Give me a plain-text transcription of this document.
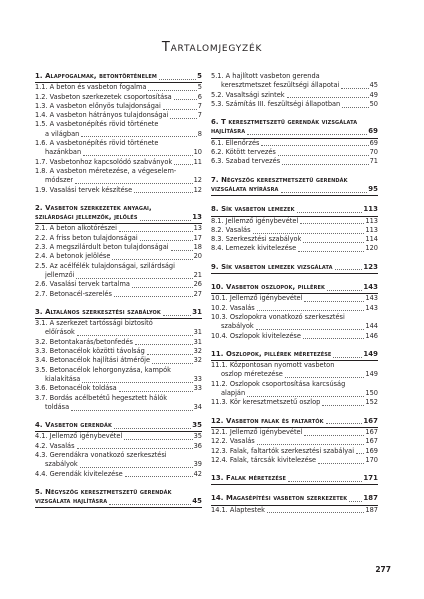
Tartalomjegyzék
1. Alapfogalmak, betontörténelem	5
1.1. A beton és vasbeton fogalma	5
1.2. Vasbeton szerkezetek csoportosítása	6
1.3. A vasbeton előnyös tulajdonságai	7
1.4. A vasbeton hátrányos tulajdonságai	7
1.5. A vasbetonépítés rövid története
a világban	8
1.6. A vasbetonépítés rövid története
hazánkban	10
1.7. Vasbetonhoz kapcsolódó szabványok	11
1.8. A vasbeton méretezése, a végeselem-
módszer	12
1.9. Vasalási tervek készítése	12
2. Vasbeton szerkezetek anyagai,
szilárdsági jellemzők, jelölés	13
2.1. A beton alkotórészei	13
2.2. A friss beton tulajdonságai	17
2.3. A megszilárdult beton tulajdonságai	18
2.4. A betonok jelölése	20
2.5. Az acélfélék tulajdonságai, szilárdsági
jellemzői	21
2.6. Vasalási tervek tartalma	26
2.7. Betonacél-szerelés	27
3. Általános szerkesztési szabályok	31
3.1. A szerkezet tartóssági biztosító
előírások	31
3.2. Betontakarás/betonfedés	31
3.3. Betonacélok közötti távolság	32
3.4. Betonacélok hajlítási átmérője	32
3.5. Betonacélok lehorgonyzása, kampók
kialakítása	33
3.6. Betonacélok toldása	33
3.7. Bordás acélbetétű hegesztett hálók
toldása	34
4. Vasbeton gerendák	35
4.1. Jellemző igénybevétel	35
4.2. Vasalás	36
4.3. Gerendákra vonatkozó szerkesztési
szabályok	39
4.4. Gerendák kivitelezése	42
5. Négyszög keresztmetszetű gerendák
vizsgálata hajlításra	45
5.1. A hajlított vasbeton gerenda
keresztmetszet feszültségi állapotai	45
5.2. Vasaltsági szintek	49
5.3. Számítás III. feszültségi állapotban	50
6. T keresztmetszetű gerendák vizsgálata
hajlításra	69
6.1. Ellenőrzés	69
6.2. Kötött tervezés	70
6.3. Szabad tervezés	71
7. Négyszög keresztmetszetű gerendák
vizsgálata nyírásra	95
8. Sík vasbeton lemezek	113
8.1. Jellemző igénybevétel	113
8.2. Vasalás	113
8.3. Szerkesztési szabályok	114
8.4. Lemezek kivitelezése	120
9. Sík vasbeton lemezek vizsgálata	123
10. Vasbeton oszlopok, pillérek	143
10.1. Jellemző igénybevétel	143
10.2. Vasalás	143
10.3. Oszlopokra vonatkozó szerkesztési
szabályok	144
10.4. Oszlopok kivitelezése	146
11. Oszlopok, pillérek méretezése	149
11.1. Központosan nyomott vasbeton
oszlop méretezése	149
11.2. Oszlopok csoportosítása karcsúság
alapján	150
11.3. Kör keresztmetszetű oszlop	152
12. Vasbeton falak és faltartók	167
12.1. Jellemző igénybevétel	167
12.2. Vasalás	167
12.3. Falak, faltartók szerkesztési szabályai 169
12.4. Falak, tárcsák kivitelezése	170
13. Falak méretezése	171
14. Magasépítési vasbeton szerkezetek 187
14.1. Alaptestek	187
277
